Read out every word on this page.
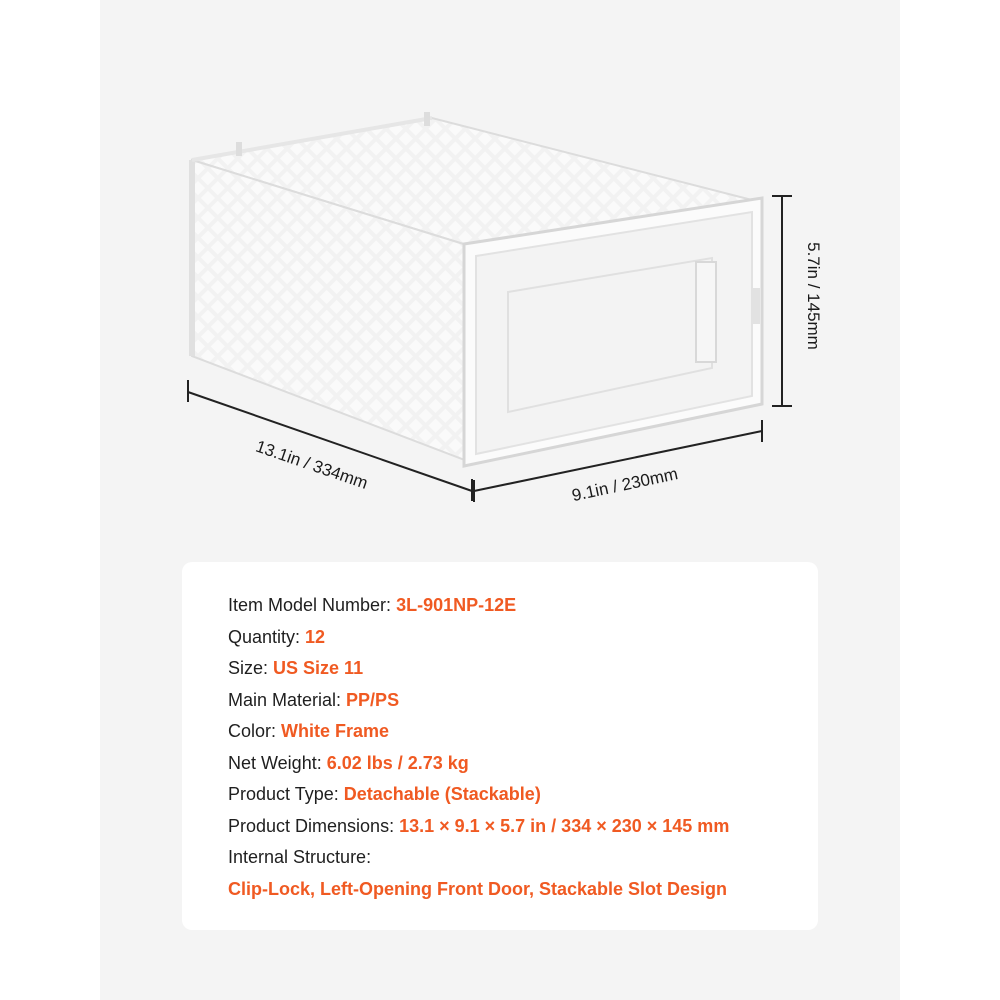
13.1in / 334mm	9.1in / 230mm
5.7in / 145mm
Item Model Number: 3L-901NP-12E
Quantity: 12
Size: US Size 11
Main Material: PP/PS
Color: White Frame
Net Weight: 6.02 lbs / 2.73 kg
Product Type: Detachable (Stackable)
Product Dimensions: 13.1 × 9.1 × 5.7 in / 334 × 230 × 145 mm
Internal Structure:
Clip-Lock, Left-Opening Front Door, Stackable Slot Design
